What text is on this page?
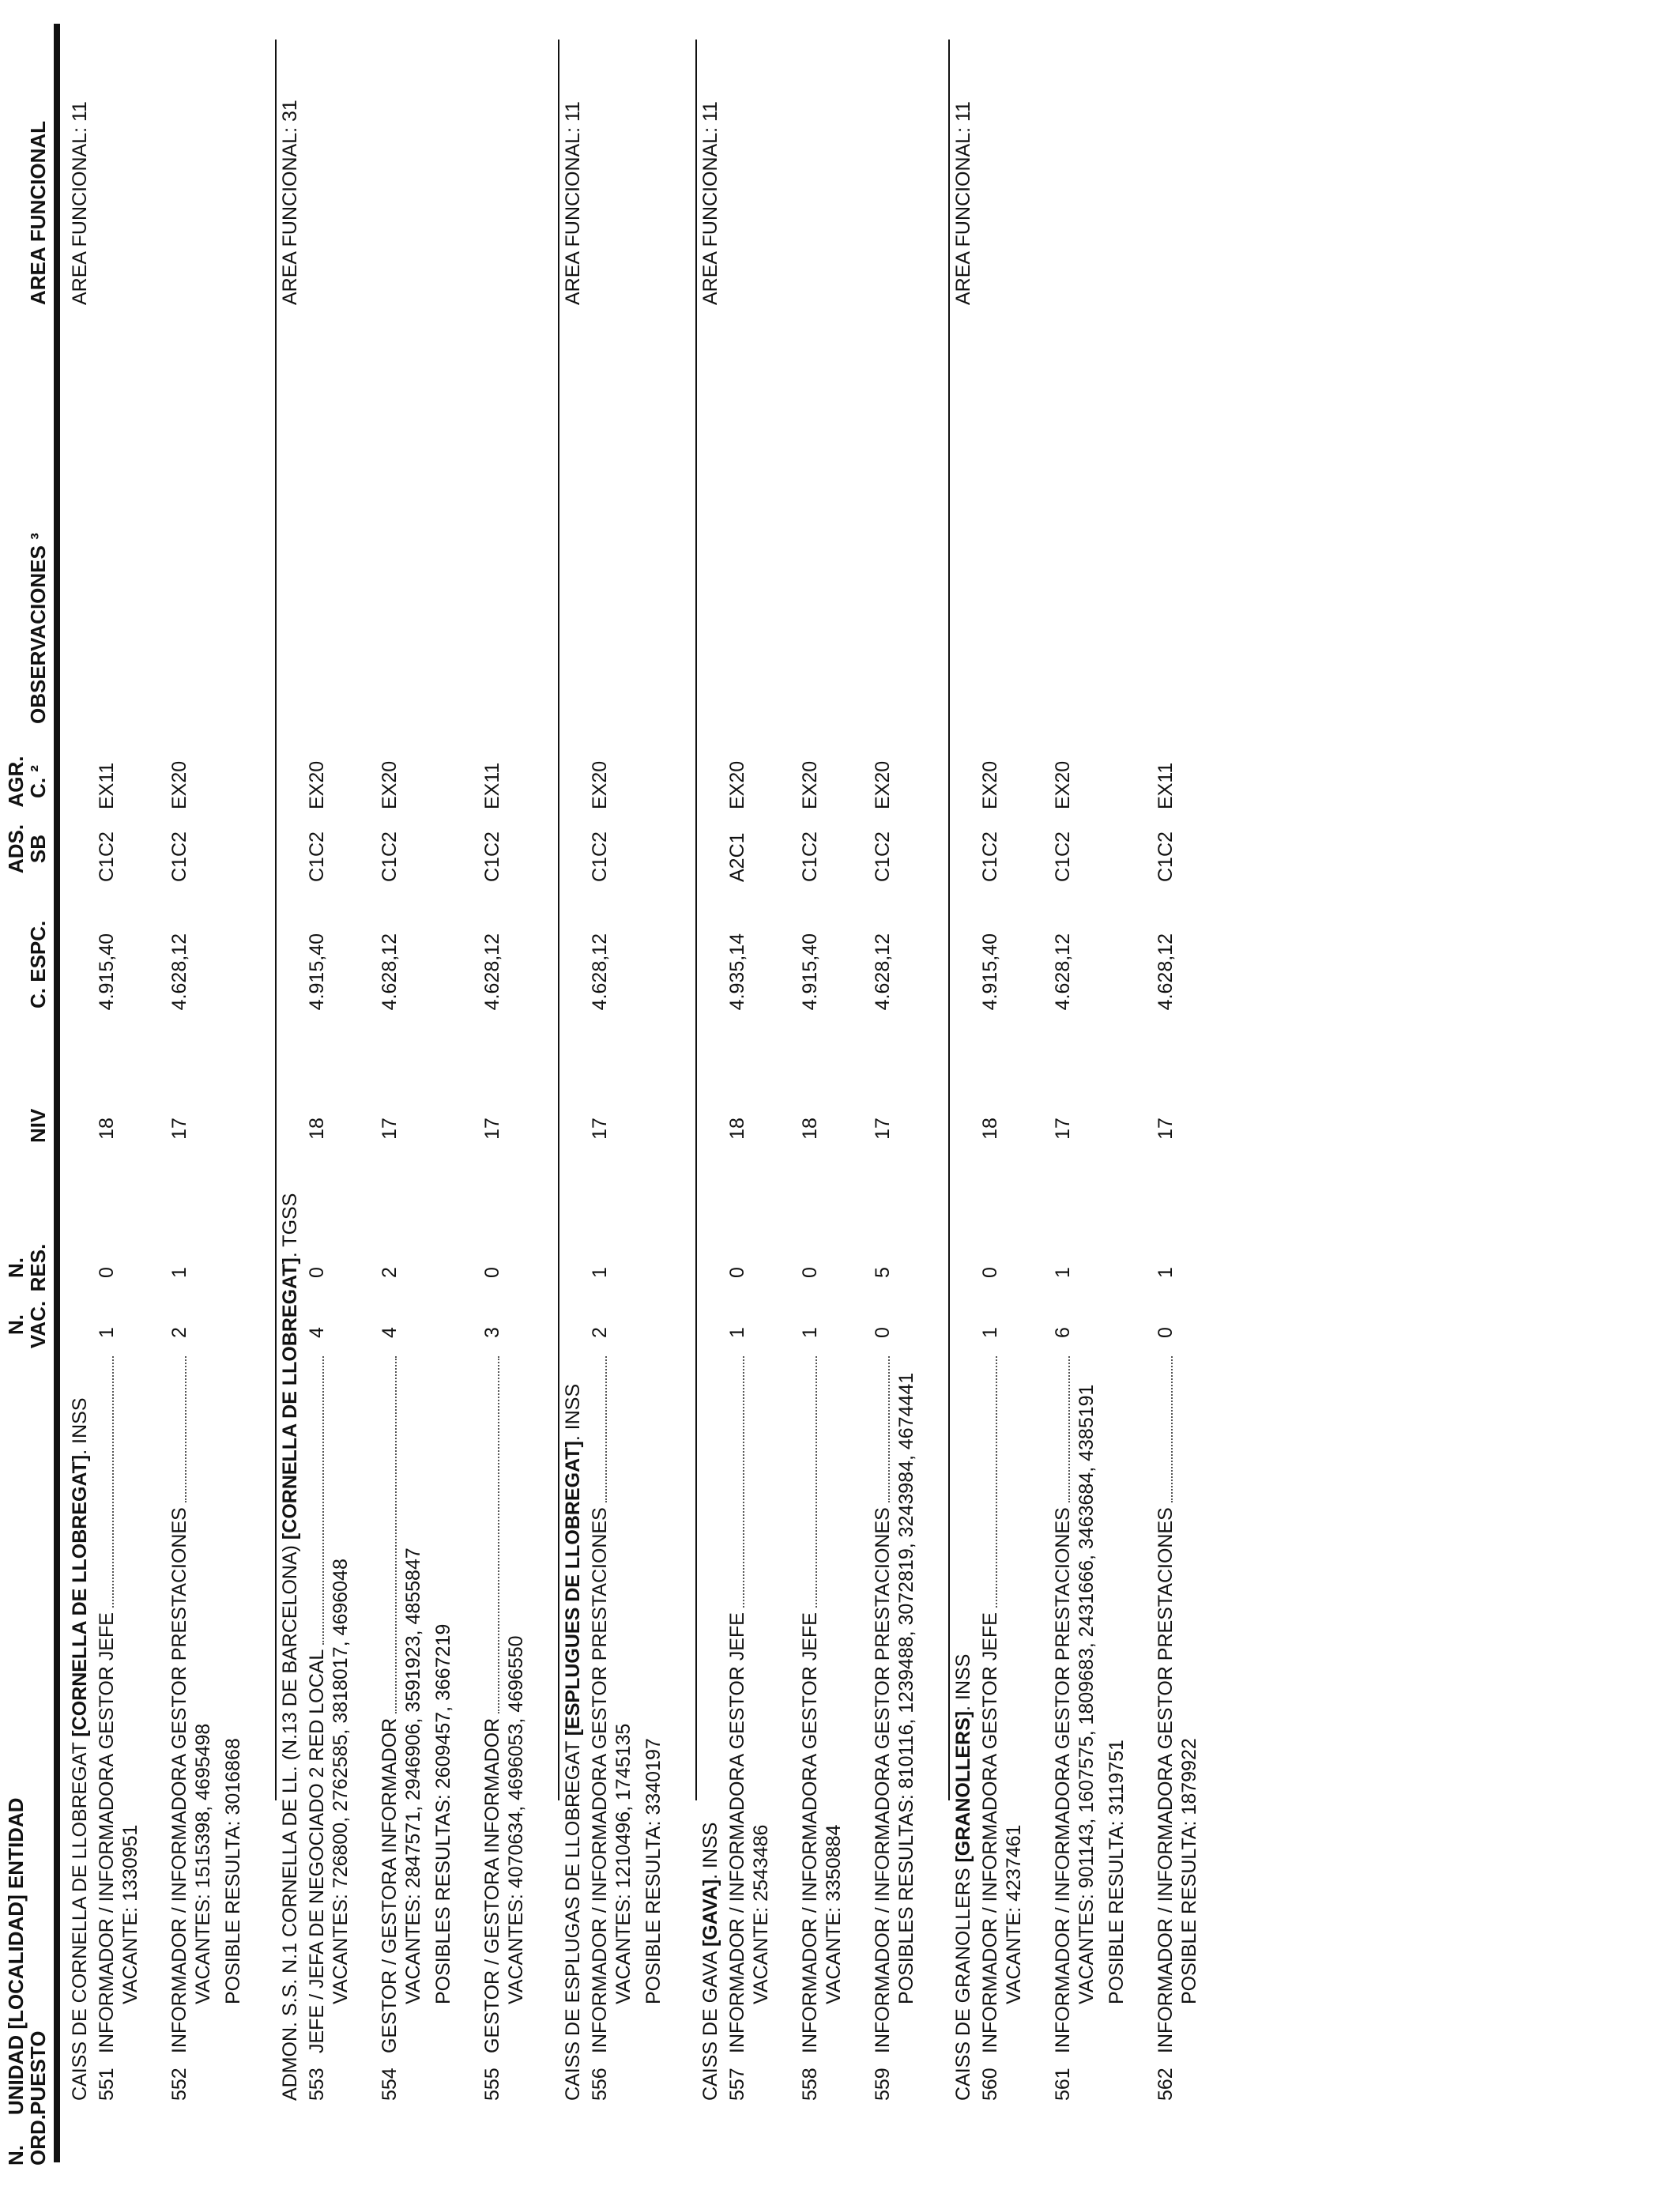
N.
ORD.
UNIDAD [LOCALIDAD] ENTIDAD
PUESTO
N.
VAC.
N.
RES.
NIV
C. ESPC.
ADS.
SB
AGR.
C. ²
OBSERVACIONES ³
AREA FUNCIONAL
CAISS DE CORNELLA DE LLOBREGAT [CORNELLA DE LLOBREGAT]. INSS
AREA FUNCIONAL: 11
551
INFORMADOR / INFORMADORA GESTOR JEFE
1
0
18
4.915,40
C1C2
EX11
VACANTE: 1330951
552
INFORMADOR / INFORMADORA GESTOR PRESTACIONES
2
1
17
4.628,12
C1C2
EX20
VACANTES: 1515398, 4695498 POSIBLE RESULTA: 3016868 ADMON. S.S. N.1 CORNELLA DE LL. (N.13 DE BARCELONA) [CORNELLA DE LLOBREGAT]. TGSS
AREA FUNCIONAL: 31
553
JEFE / JEFA DE NEGOCIADO 2 RED LOCAL
4
0
18
4.915,40
C1C2
EX20
VACANTES: 726800, 2762585, 3818017, 4696048
554
GESTOR / GESTORA INFORMADOR
4
2
17
4.628,12
C1C2
EX20
VACANTES: 2847571, 2946906, 3591923, 4855847 POSIBLES RESULTAS: 2609457, 3667219
555
GESTOR / GESTORA INFORMADOR
3
0
17
4.628,12
C1C2
EX11
VACANTES: 4070634, 4696053, 4696550 CAISS DE ESPLUGAS DE LLOBREGAT [ESPLUGUES DE LLOBREGAT]. INSS
AREA FUNCIONAL: 11
556
INFORMADOR / INFORMADORA GESTOR PRESTACIONES
2
1
17
4.628,12
C1C2
EX20
VACANTES: 1210496, 1745135 POSIBLE RESULTA: 3340197
CAISS DE GAVA [GAVA]. INSS
AREA FUNCIONAL: 11
557
INFORMADOR / INFORMADORA GESTOR JEFE
1
0
18
4.935,14
A2C1
EX20
VACANTE: 2543486
558
INFORMADOR / INFORMADORA GESTOR JEFE
1
0
18
4.915,40
C1C2
EX20
VACANTE: 3350884
559
INFORMADOR / INFORMADORA GESTOR PRESTACIONES
0
5
17
4.628,12
C1C2
EX20
POSIBLES RESULTAS: 810116, 1239488, 3072819, 3243984, 4674441 CAISS DE GRANOLLERS [GRANOLLERS]. INSS
AREA FUNCIONAL: 11
560
INFORMADOR / INFORMADORA GESTOR JEFE
1
0
18
4.915,40
C1C2
EX20
VACANTE: 4237461
561
INFORMADOR / INFORMADORA GESTOR PRESTACIONES
6
1
17
4.628,12
C1C2
EX20
VACANTES: 901143, 1607575, 1809683, 2431666, 3463684, 4385191 POSIBLE RESULTA: 3119751
562
INFORMADOR / INFORMADORA GESTOR PRESTACIONES
0
1
17
4.628,12
C1C2
EX11
POSIBLE RESULTA: 1879922
